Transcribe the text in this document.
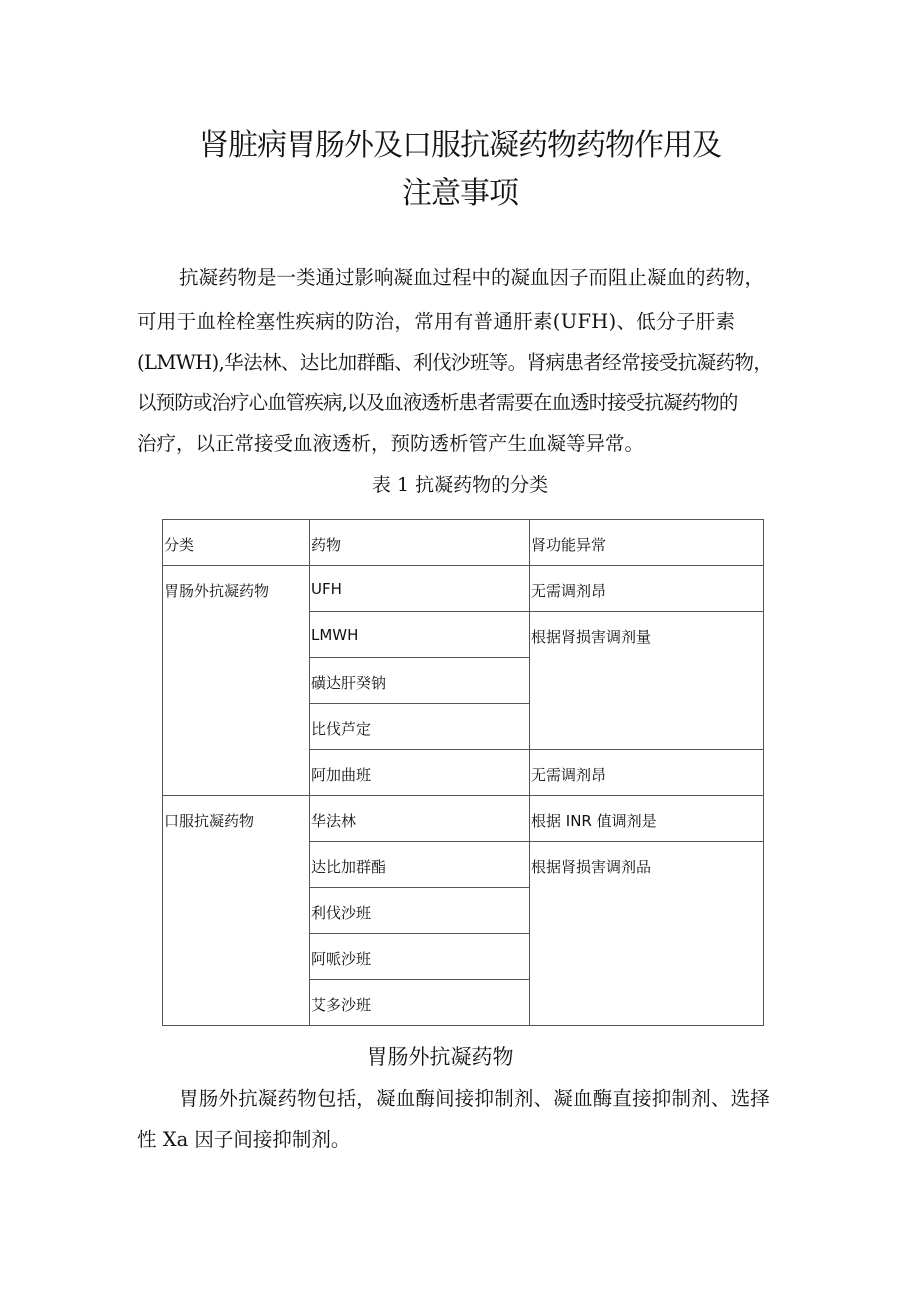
肾脏病胃肠外及口服抗凝药物药物作用及
注意事项
抗凝药物是一类通过影响凝血过程中的凝血因子而阻止凝血的药物，
可用于血栓栓塞性疾病的防治，常用有普通肝素(UFH)、低分子肝素
(LMWH),华法林、达比加群酯、利伐沙班等。肾病患者经常接受抗凝药物，
以预防或治疗心血管疾病,以及血液透析患者需要在血透时接受抗凝药物的
治疗，以正常接受血液透析，预防透析管产生血凝等异常。
表 1 抗凝药物的分类
分类	药物	肾功能异常
胃肠外抗凝药物	UFH	无需调剂昂
	LMWH	根据肾损害调剂量
	磺达肝癸钠	
	比伐芦定	
	阿加曲班	无需调剂昂
口服抗凝药物	华法林	根据 INR 值调剂是
	达比加群酯	根据肾损害调剂品
	利伐沙班	
	阿哌沙班	
	艾多沙班	
胃肠外抗凝药物
胃肠外抗凝药物包括，凝血酶间接抑制剂、凝血酶直接抑制剂、选择
性 Xa 因子间接抑制剂。
